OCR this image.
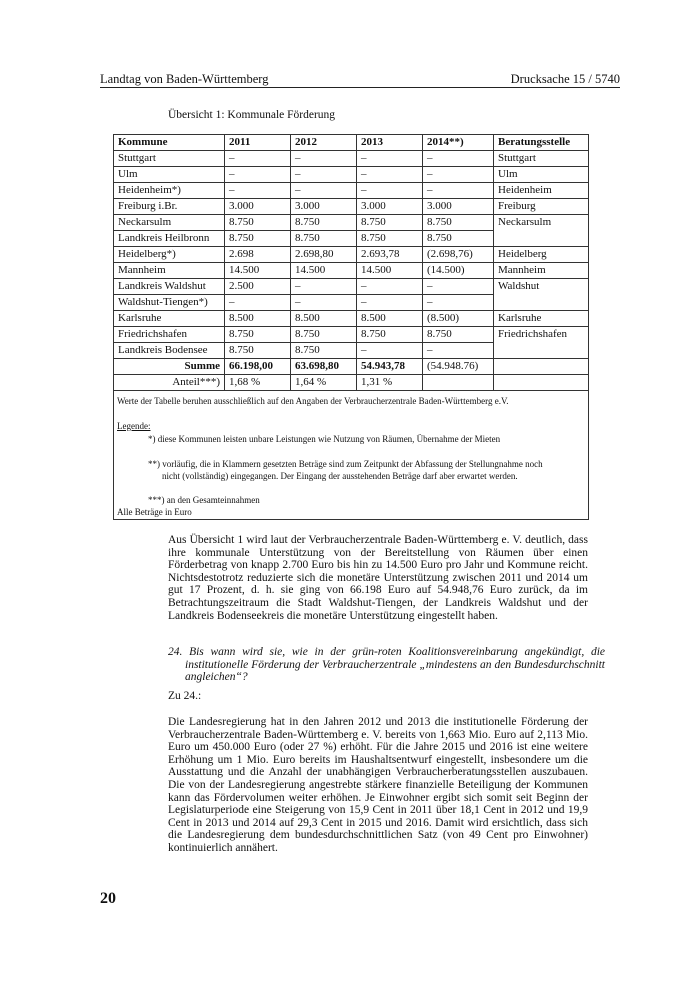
Landtag von Baden-Württemberg	Drucksache 15 / 5740
Übersicht 1: Kommunale Förderung
Kommune	2011	2012	2013	2014**)	Beratungsstelle
Stuttgart	–	–	–	–	Stuttgart
Ulm	–	–	–	–	Ulm
Heidenheim*)	–	–	–	–	Heidenheim
Freiburg i.Br.	3.000	3.000	3.000	3.000	Freiburg
Neckarsulm	8.750	8.750	8.750	8.750	Neckarsulm
Landkreis Heilbronn	8.750	8.750	8.750	8.750	
Heidelberg*)	2.698	2.698,80	2.693,78	(2.698,76)	Heidelberg
Mannheim	14.500	14.500	14.500	(14.500)	Mannheim
Landkreis Waldshut	2.500	–	–	–	Waldshut
Waldshut-Tiengen*)	–	–	–	–	
Karlsruhe	8.500	8.500	8.500	(8.500)	Karlsruhe
Friedrichshafen	8.750	8.750	8.750	8.750	Friedrichshafen
Landkreis Bodensee	8.750	8.750	–	–	
Summe	66.198,00	63.698,80	54.943,78	(54.948.76)	
Anteil***)	1,68 %	1,64 %	1,31 %		
Werte der Tabelle beruhen ausschließlich auf den Angaben der Verbraucherzentrale Baden-Württemberg e.V.
Legende:
*) diese Kommunen leisten unbare Leistungen wie Nutzung von Räumen, Übernahme der Mieten
**) vorläufig, die in Klammern gesetzten Beträge sind zum Zeitpunkt der Abfassung der Stellungnahme noch
nicht (vollständig) eingegangen. Der Eingang der ausstehenden Beträge darf aber erwartet werden.
***) an den Gesamteinnahmen
Alle Beträge in Euro
Aus Übersicht 1 wird laut der Verbraucherzentrale Baden-Württemberg e. V. deutlich, dass ihre kommunale Unterstützung von der Bereitstellung von Räumen über einen Förderbetrag von knapp 2.700 Euro bis hin zu 14.500 Euro pro Jahr und Kommune reicht. Nichtsdestotrotz reduzierte sich die monetäre Unterstützung zwischen 2011 und 2014 um gut 17 Prozent, d. h. sie ging von 66.198 Euro auf 54.948,76 Euro zurück, da im Betrachtungszeitraum die Stadt Waldshut-Tiengen, der Landkreis Waldshut und der Landkreis Bodenseekreis die monetäre Unterstützung eingestellt haben.
24. Bis wann wird sie, wie in der grün-roten Koalitionsvereinbarung angekündigt, die institutionelle Förderung der Verbraucherzentrale „mindestens an den Bundesdurchschnitt angleichen“?
Zu 24.:
Die Landesregierung hat in den Jahren 2012 und 2013 die institutionelle Förderung der Verbraucherzentrale Baden-Württemberg e. V. bereits von 1,663 Mio. Euro auf 2,113 Mio. Euro um 450.000 Euro (oder 27 %) erhöht. Für die Jahre 2015 und 2016 ist eine weitere Erhöhung um 1 Mio. Euro bereits im Haushaltsentwurf eingestellt, insbesondere um die Ausstattung und die Anzahl der unabhängigen Verbraucherberatungsstellen auszubauen. Die von der Landesregierung angestrebte stärkere finanzielle Beteiligung der Kommunen kann das Fördervolumen weiter erhöhen. Je Einwohner ergibt sich somit seit Beginn der Legislaturperiode eine Steigerung von 15,9 Cent in 2011 über 18,1 Cent in 2012 und 19,9 Cent in 2013 und 2014 auf 29,3 Cent in 2015 und 2016. Damit wird ersichtlich, dass sich die Landesregierung dem bundesdurchschnittlichen Satz (von 49 Cent pro Einwohner) kontinuierlich annähert.
20
